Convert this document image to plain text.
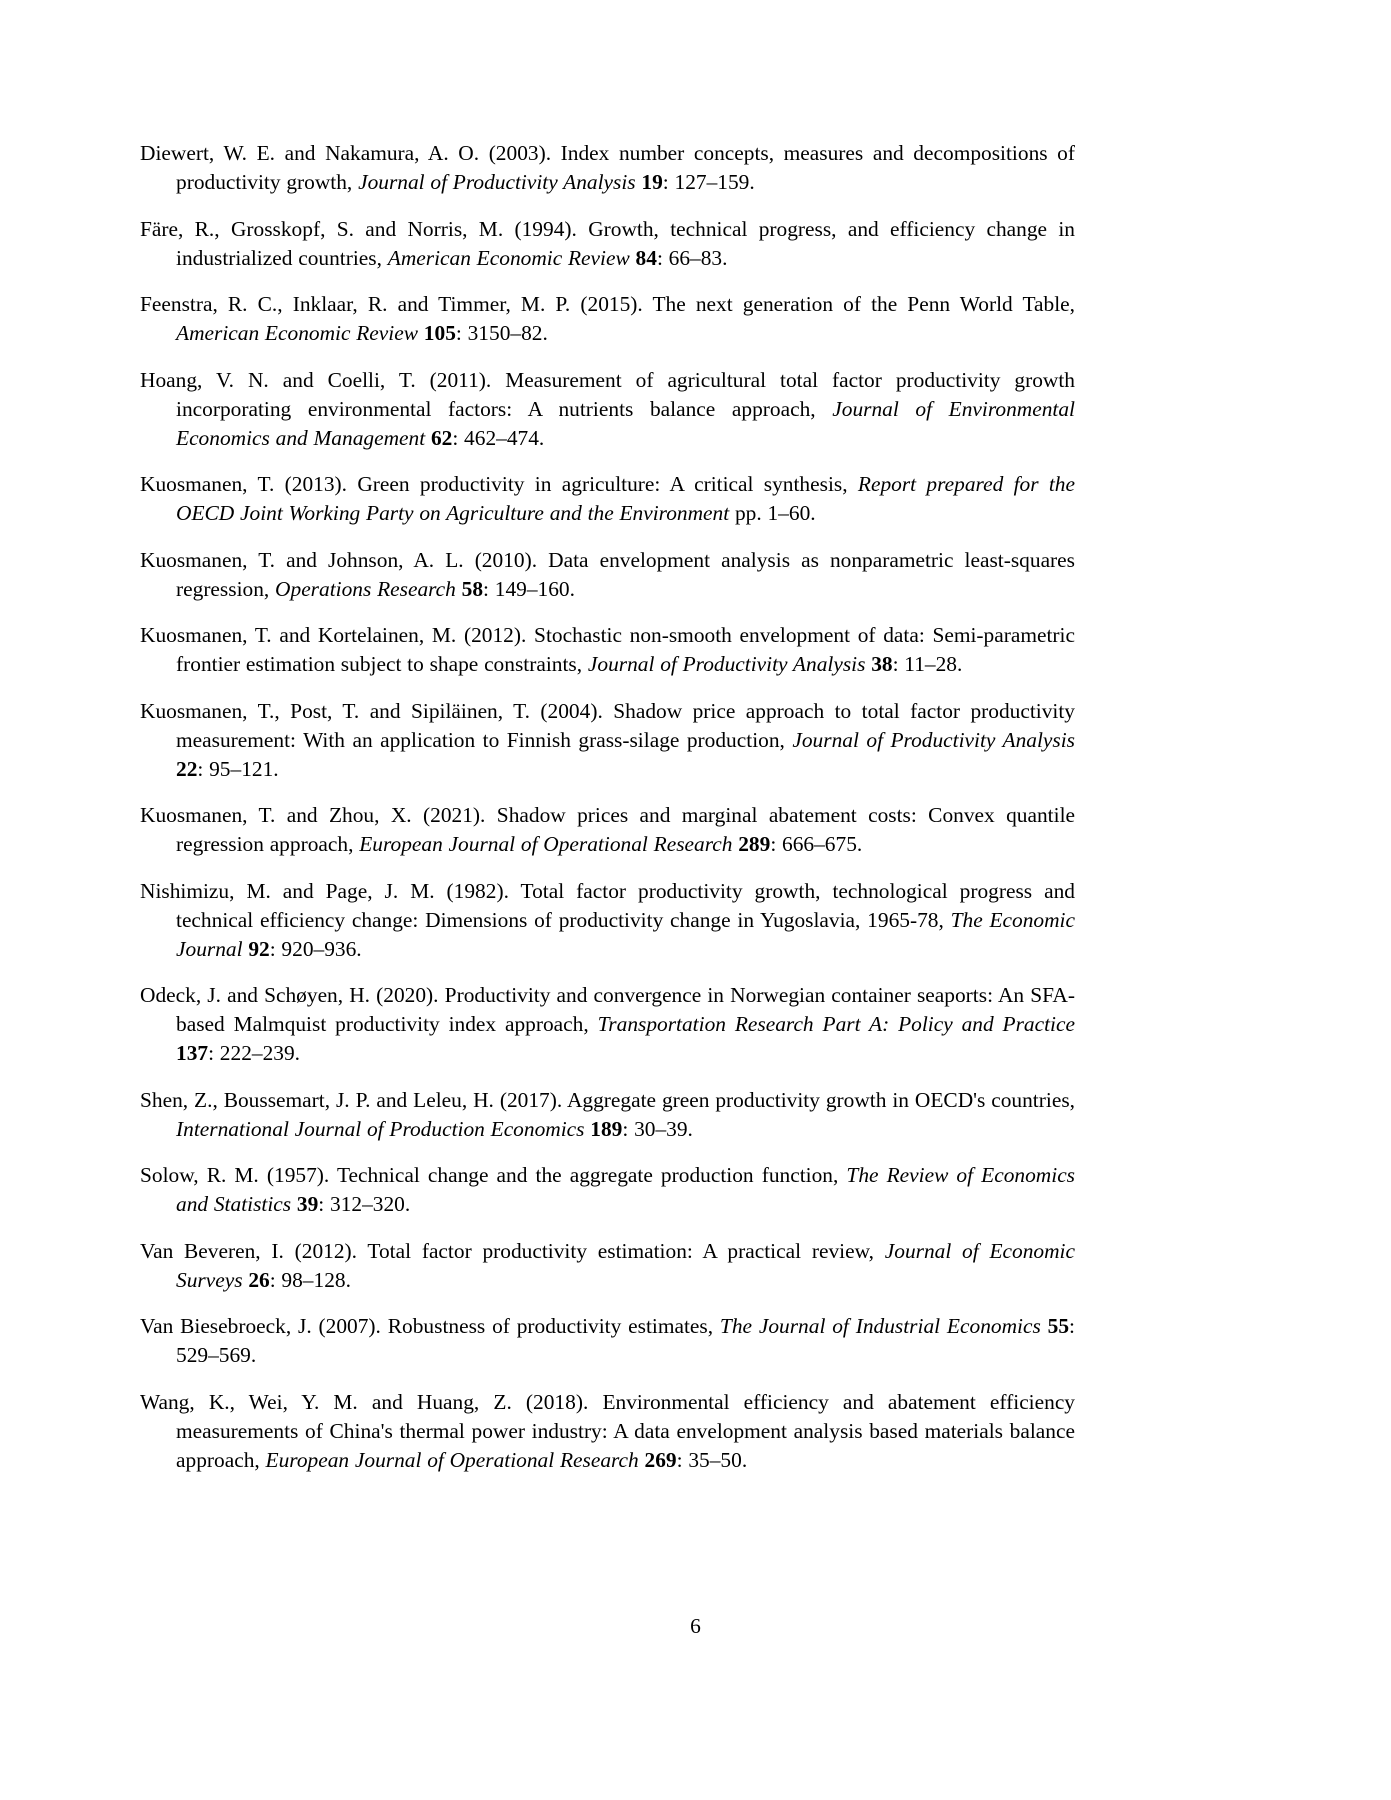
Diewert, W. E. and Nakamura, A. O. (2003). Index number concepts, measures and decompositions of productivity growth, Journal of Productivity Analysis 19: 127–159.

Färe, R., Grosskopf, S. and Norris, M. (1994). Growth, technical progress, and efficiency change in industrialized countries, American Economic Review 84: 66–83.

Feenstra, R. C., Inklaar, R. and Timmer, M. P. (2015). The next generation of the Penn World Table, American Economic Review 105: 3150–82.

Hoang, V. N. and Coelli, T. (2011). Measurement of agricultural total factor productivity growth incorporating environmental factors: A nutrients balance approach, Journal of Environmental Economics and Management 62: 462–474.

Kuosmanen, T. (2013). Green productivity in agriculture: A critical synthesis, Report prepared for the OECD Joint Working Party on Agriculture and the Environment pp. 1–60.

Kuosmanen, T. and Johnson, A. L. (2010). Data envelopment analysis as nonparametric least-squares regression, Operations Research 58: 149–160.

Kuosmanen, T. and Kortelainen, M. (2012). Stochastic non-smooth envelopment of data: Semi-parametric frontier estimation subject to shape constraints, Journal of Productivity Analysis 38: 11–28.

Kuosmanen, T., Post, T. and Sipiläinen, T. (2004). Shadow price approach to total factor productivity measurement: With an application to Finnish grass-silage production, Journal of Productivity Analysis 22: 95–121.

Kuosmanen, T. and Zhou, X. (2021). Shadow prices and marginal abatement costs: Convex quantile regression approach, European Journal of Operational Research 289: 666–675.

Nishimizu, M. and Page, J. M. (1982). Total factor productivity growth, technological progress and technical efficiency change: Dimensions of productivity change in Yugoslavia, 1965-78, The Economic Journal 92: 920–936.

Odeck, J. and Schøyen, H. (2020). Productivity and convergence in Norwegian container seaports: An SFA-based Malmquist productivity index approach, Transportation Research Part A: Policy and Practice 137: 222–239.

Shen, Z., Boussemart, J. P. and Leleu, H. (2017). Aggregate green productivity growth in OECD's countries, International Journal of Production Economics 189: 30–39.

Solow, R. M. (1957). Technical change and the aggregate production function, The Review of Economics and Statistics 39: 312–320.

Van Beveren, I. (2012). Total factor productivity estimation: A practical review, Journal of Economic Surveys 26: 98–128.

Van Biesebroeck, J. (2007). Robustness of productivity estimates, The Journal of Industrial Economics 55: 529–569.

Wang, K., Wei, Y. M. and Huang, Z. (2018). Environmental efficiency and abatement efficiency measurements of China's thermal power industry: A data envelopment analysis based materials balance approach, European Journal of Operational Research 269: 35–50.

6
